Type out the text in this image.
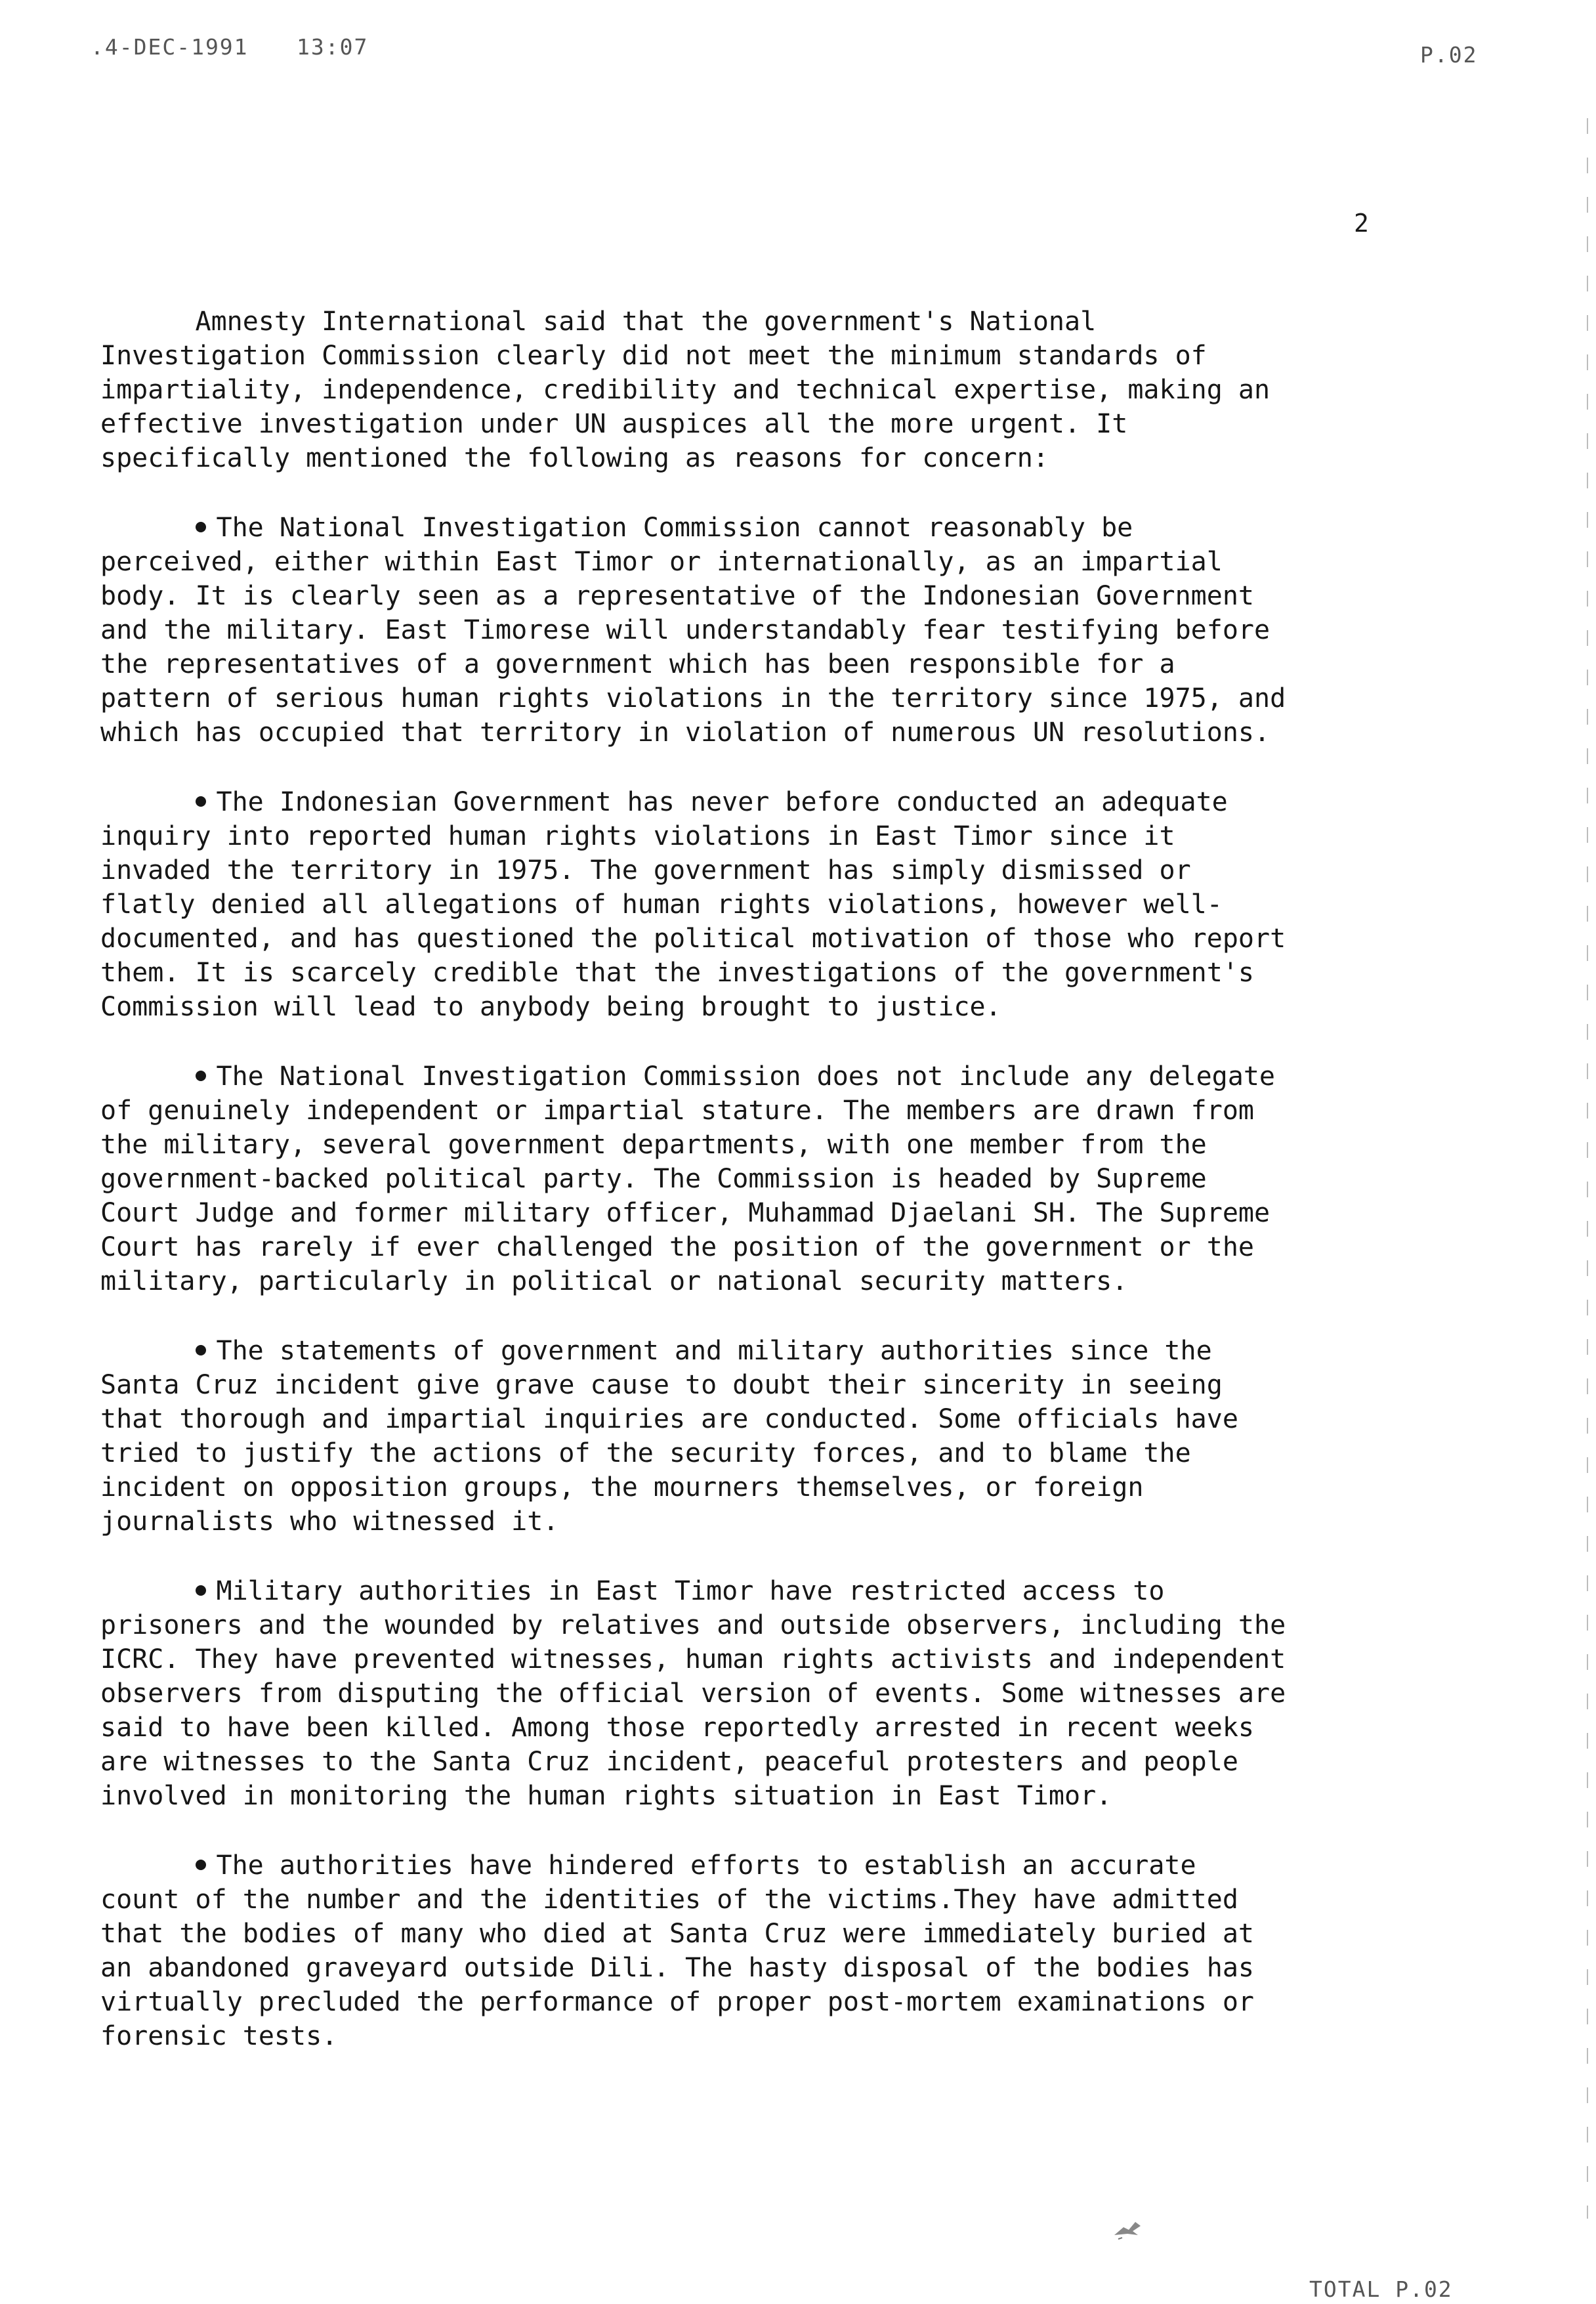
.4-DEC-1991 13:07	P.02
2
Amnesty International said that the government's National
Investigation Commission clearly did not meet the minimum standards of
impartiality, independence, credibility and technical expertise, making an
effective investigation under UN auspices all the more urgent. It
specifically mentioned the following as reasons for concern:
The National Investigation Commission cannot reasonably be
perceived, either within East Timor or internationally, as an impartial
body. It is clearly seen as a representative of the Indonesian Government
and the military. East Timorese will understandably fear testifying before
the representatives of a government which has been responsible for a
pattern of serious human rights violations in the territory since 1975, and
which has occupied that territory in violation of numerous UN resolutions.
The Indonesian Government has never before conducted an adequate
inquiry into reported human rights violations in East Timor since it
invaded the territory in 1975. The government has simply dismissed or
flatly denied all allegations of human rights violations, however well-
documented, and has questioned the political motivation of those who report
them. It is scarcely credible that the investigations of the government's
Commission will lead to anybody being brought to justice.
The National Investigation Commission does not include any delegate
of genuinely independent or impartial stature. The members are drawn from
the military, several government departments, with one member from the
government-backed political party. The Commission is headed by Supreme
Court Judge and former military officer, Muhammad Djaelani SH. The Supreme
Court has rarely if ever challenged the position of the government or the
military, particularly in political or national security matters.
The statements of government and military authorities since the
Santa Cruz incident give grave cause to doubt their sincerity in seeing
that thorough and impartial inquiries are conducted. Some officials have
tried to justify the actions of the security forces, and to blame the
incident on opposition groups, the mourners themselves, or foreign
journalists who witnessed it.
Military authorities in East Timor have restricted access to
prisoners and the wounded by relatives and outside observers, including the
ICRC. They have prevented witnesses, human rights activists and independent
observers from disputing the official version of events. Some witnesses are
said to have been killed. Among those reportedly arrested in recent weeks
are witnesses to the Santa Cruz incident, peaceful protesters and people
involved in monitoring the human rights situation in East Timor.
The authorities have hindered efforts to establish an accurate
count of the number and the identities of the victims.They have admitted
that the bodies of many who died at Santa Cruz were immediately buried at
an abandoned graveyard outside Dili. The hasty disposal of the bodies has
virtually precluded the performance of proper post-mortem examinations or
forensic tests.
TOTAL P.02
